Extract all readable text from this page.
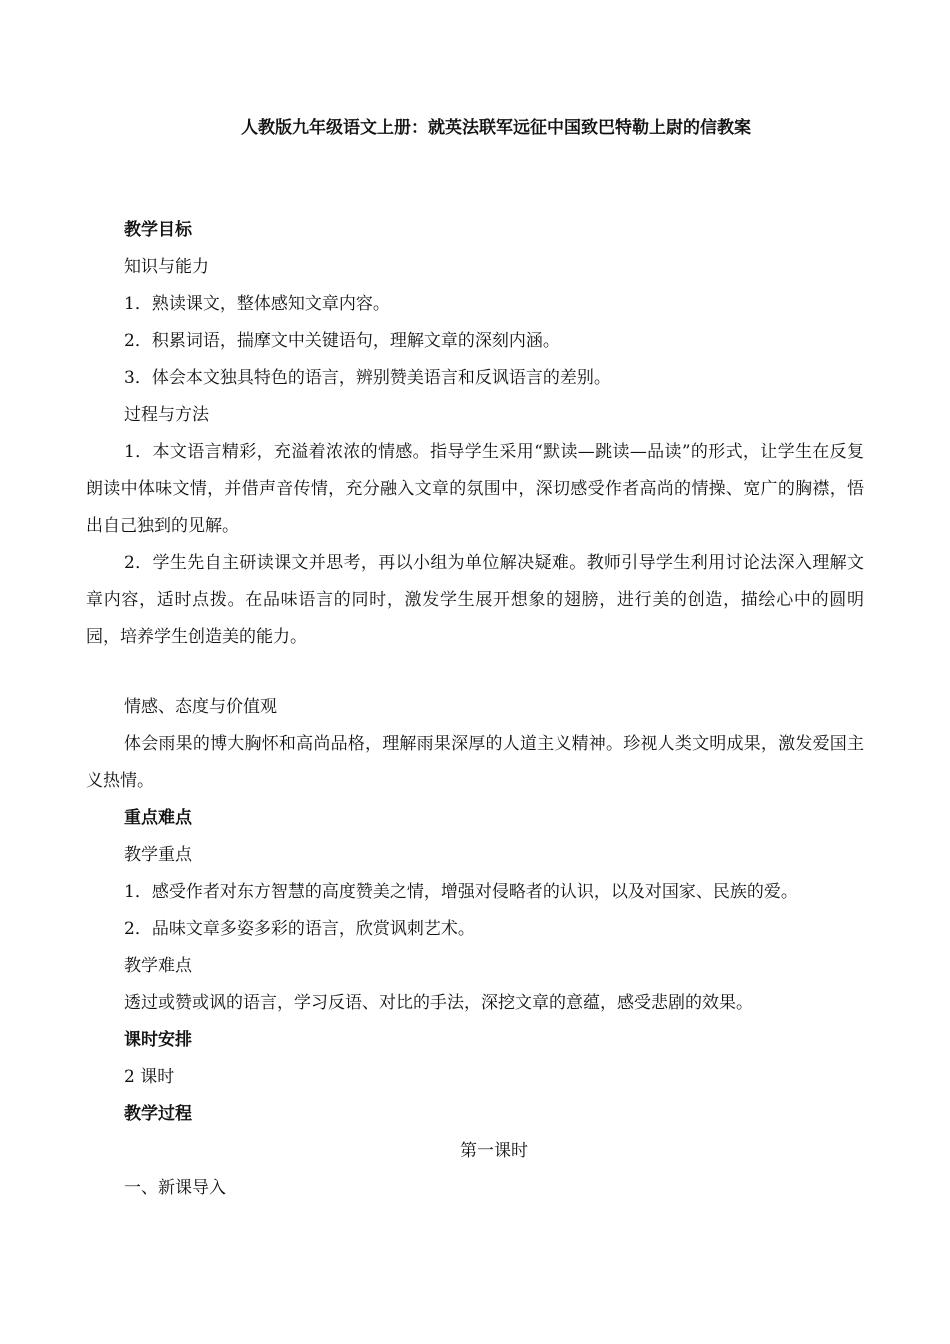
人教版九年级语文上册：就英法联军远征中国致巴特勒上尉的信教案

教学目标

知识与能力

1．熟读课文，整体感知文章内容。

2．积累词语，揣摩文中关键语句，理解文章的深刻内涵。

3．体会本文独具特色的语言，辨别赞美语言和反讽语言的差别。

过程与方法

1．本文语言精彩，充溢着浓浓的情感。指导学生采用“默读—跳读—品读”的形式，让学生在反复朗读中体味文情，并借声音传情，充分融入文章的氛围中，深切感受作者高尚的情操、宽广的胸襟，悟出自己独到的见解。

2．学生先自主研读课文并思考，再以小组为单位解决疑难。教师引导学生利用讨论法深入理解文章内容，适时点拨。在品味语言的同时，激发学生展开想象的翅膀，进行美的创造，描绘心中的圆明园，培养学生创造美的能力。

情感、态度与价值观

体会雨果的博大胸怀和高尚品格，理解雨果深厚的人道主义精神。珍视人类文明成果，激发爱国主义热情。

重点难点

教学重点

1．感受作者对东方智慧的高度赞美之情，增强对侵略者的认识，以及对国家、民族的爱。

2．品味文章多姿多彩的语言，欣赏讽刺艺术。

教学难点

透过或赞或讽的语言，学习反语、对比的手法，深挖文章的意蕴，感受悲剧的效果。

课时安排

2 课时

教学过程

第一课时

一、新课导入
